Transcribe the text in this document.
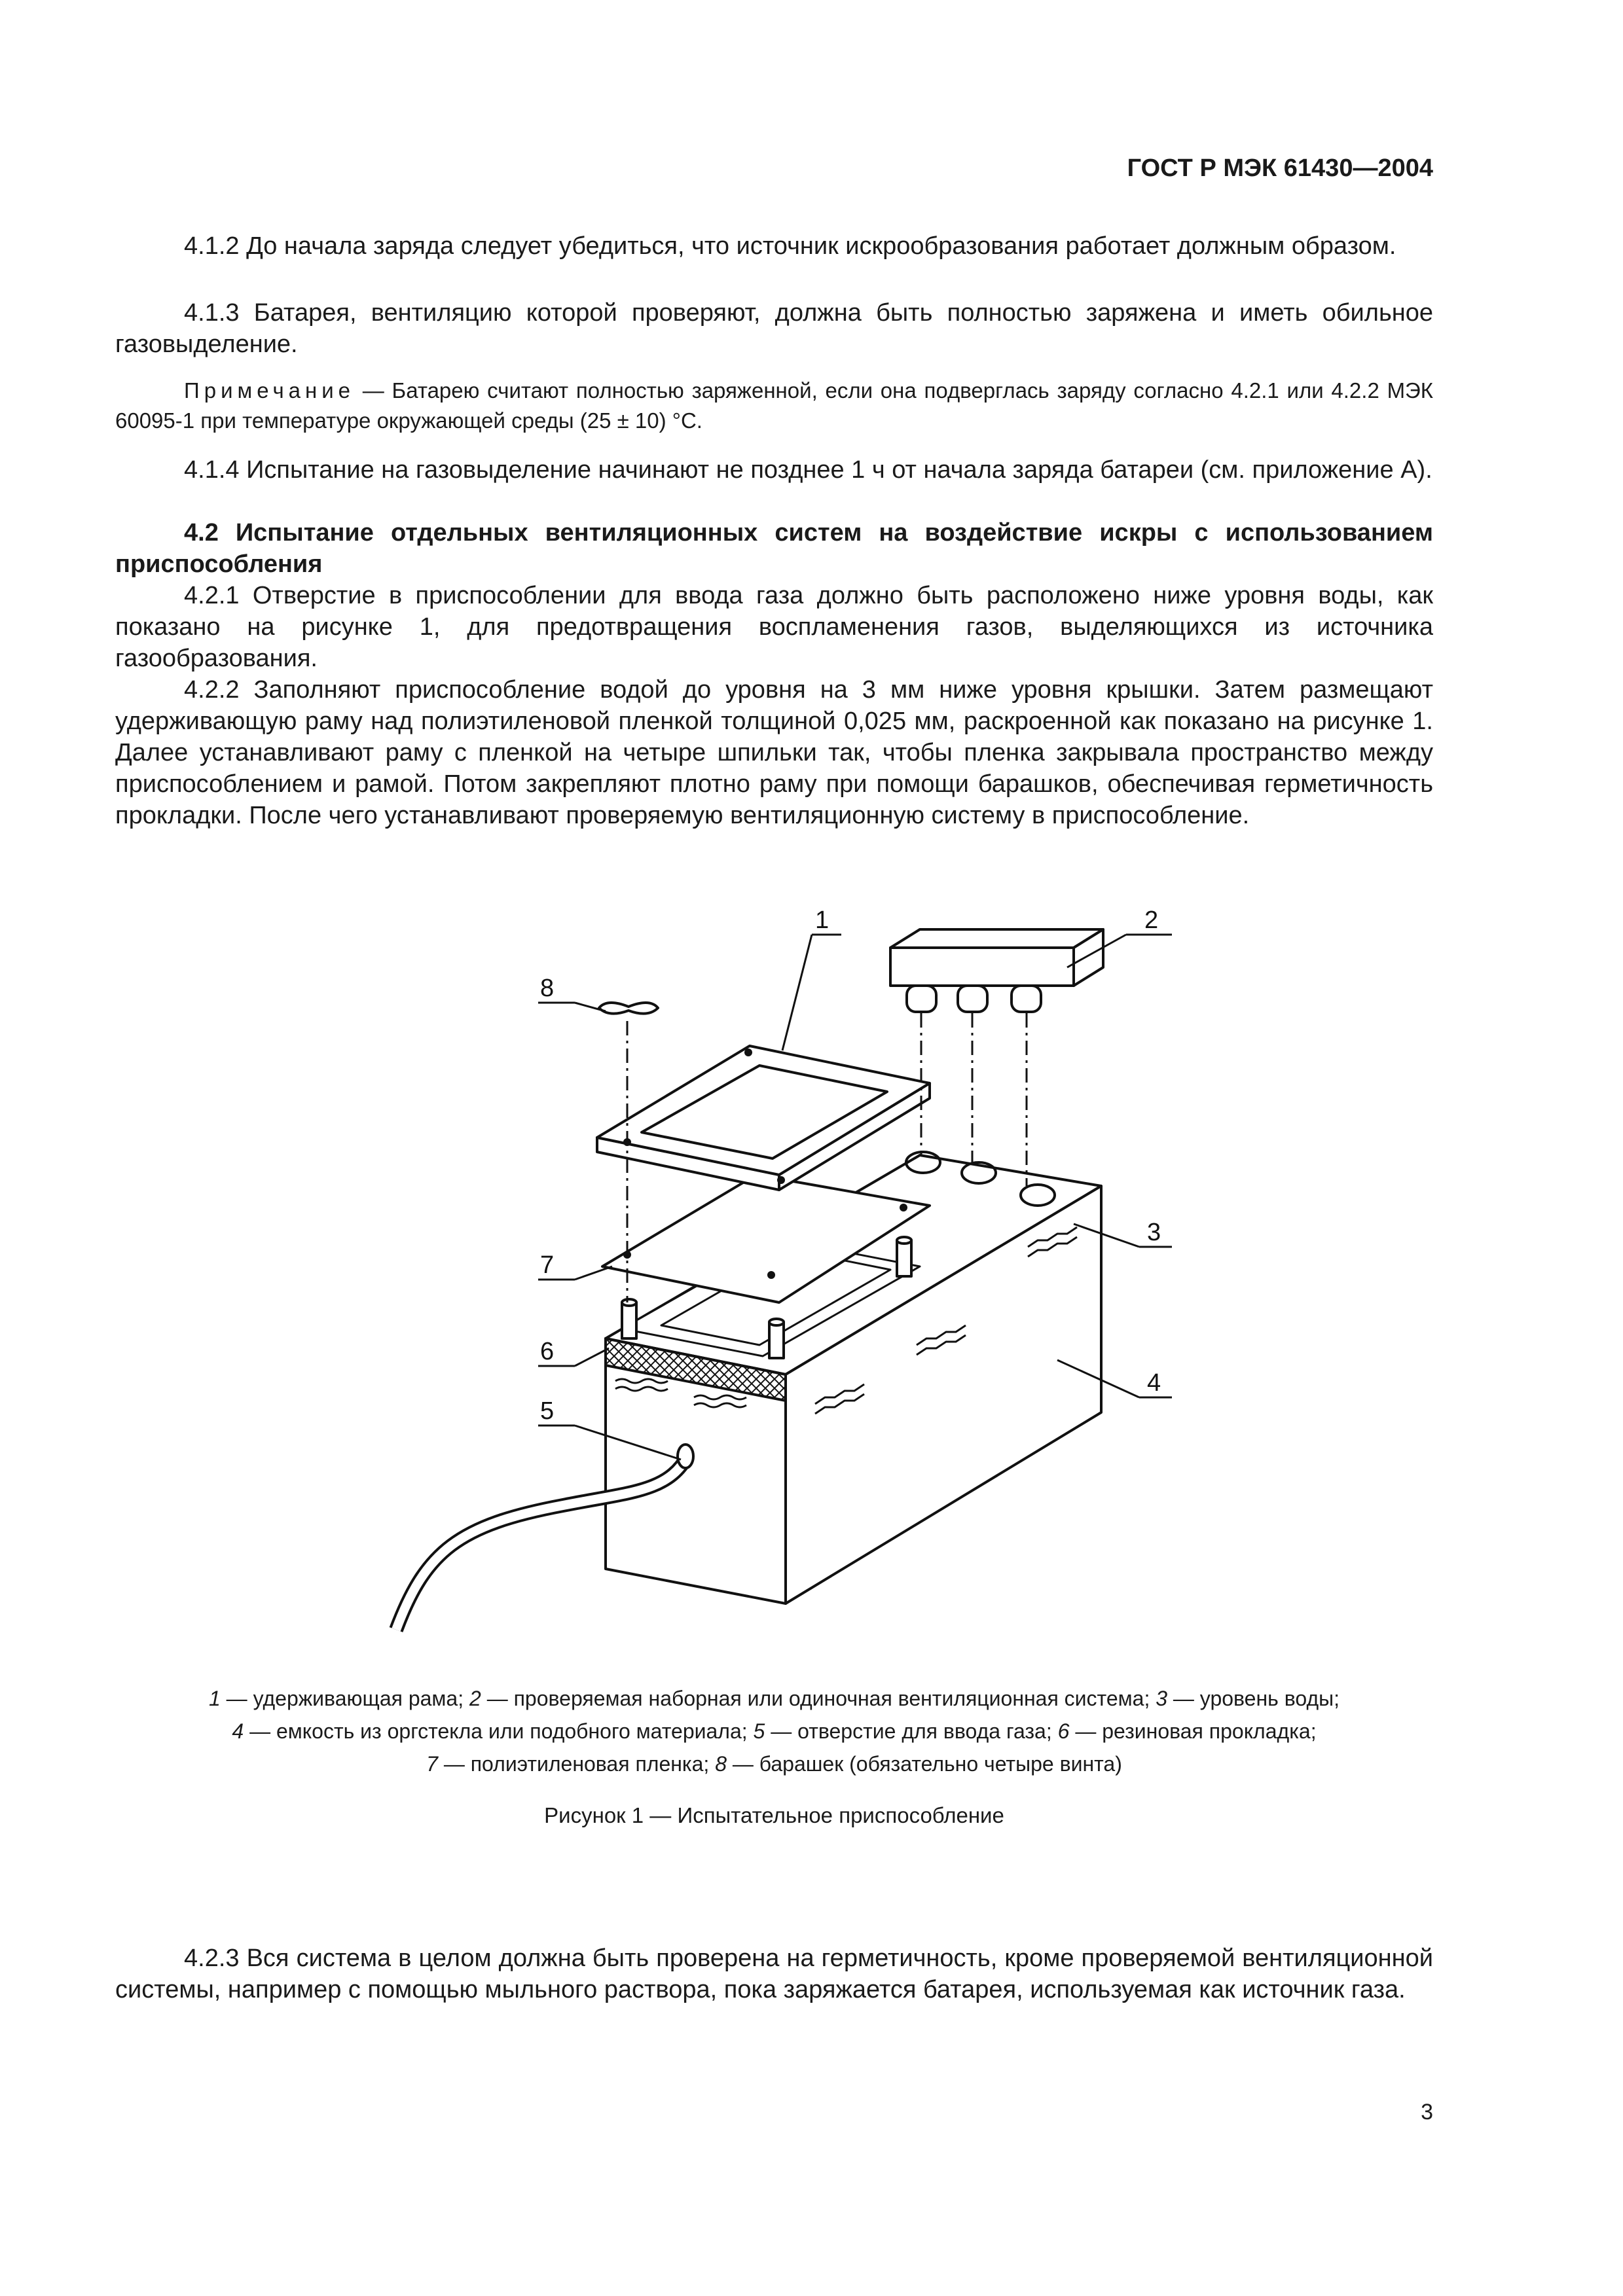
ГОСТ Р МЭК 61430—2004
4.1.2 До начала заряда следует убедиться, что источник искрообразования работает должным образом.
4.1.3 Батарея, вентиляцию которой проверяют, должна быть полностью заряжена и иметь обильное газовыделение.
Примечание — Батарею считают полностью заряженной, если она подверглась заряду согласно 4.2.1 или 4.2.2 МЭК 60095-1 при температуре окружающей среды (25 ± 10) °С.
4.1.4 Испытание на газовыделение начинают не позднее 1 ч от начала заряда батареи (см. приложение А).
4.2 Испытание отдельных вентиляционных систем на воздействие искры с использованием приспособления
4.2.1 Отверстие в приспособлении для ввода газа должно быть расположено ниже уровня воды, как показано на рисунке 1, для предотвращения воспламенения газов, выделяющихся из источника газообразования.
4.2.2 Заполняют приспособление водой до уровня на 3 мм ниже уровня крышки. Затем размещают удерживающую раму над полиэтиленовой пленкой толщиной 0,025 мм, раскроенной как показано на рисунке 1. Далее устанавливают раму с пленкой на четыре шпильки так, чтобы пленка закрывала пространство между приспособлением и рамой. Потом закрепляют плотно раму при помощи барашков, обеспечивая герметичность прокладки. После чего устанавливают проверяемую вентиляционную систему в приспособление.
1	2
3
4
5
6
7
8
1 — удерживающая рама; 2 — проверяемая наборная или одиночная вентиляционная система; 3 — уровень воды;
4 — емкость из оргстекла или подобного материала; 5 — отверстие для ввода газа; 6 — резиновая прокладка;
7 — полиэтиленовая пленка; 8 — барашек (обязательно четыре винта)
Рисунок 1 — Испытательное приспособление
4.2.3 Вся система в целом должна быть проверена на герметичность, кроме проверяемой вентиляционной системы, например с помощью мыльного раствора, пока заряжается батарея, используемая как источник газа.
3
